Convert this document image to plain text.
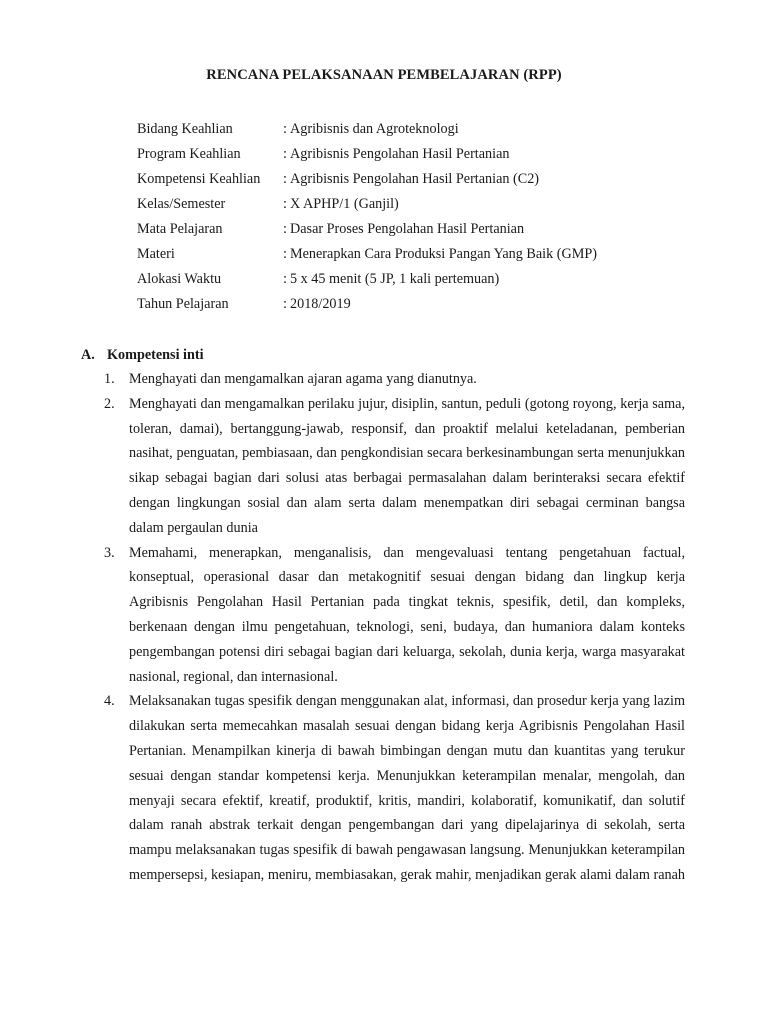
RENCANA PELAKSANAAN PEMBELAJARAN (RPP)
Bidang Keahlian	: Agribisnis dan Agroteknologi
Program Keahlian	: Agribisnis Pengolahan Hasil Pertanian
Kompetensi Keahlian : Agribisnis Pengolahan Hasil Pertanian (C2)
Kelas/Semester	: X APHP/1 (Ganjil)
Mata Pelajaran	: Dasar Proses Pengolahan Hasil Pertanian
Materi	: Menerapkan Cara Produksi Pangan Yang Baik (GMP)
Alokasi Waktu	: 5 x 45 menit (5 JP, 1 kali pertemuan)
Tahun Pelajaran	: 2018/2019
A. Kompetensi inti
1. Menghayati dan mengamalkan ajaran agama yang dianutnya.
2. Menghayati dan mengamalkan perilaku jujur, disiplin, santun, peduli (gotong royong, kerja sama, toleran, damai), bertanggung-jawab, responsif, dan proaktif melalui keteladanan, pemberian nasihat, penguatan, pembiasaan, dan pengkondisian secara berkesinambungan serta menunjukkan sikap sebagai bagian dari solusi atas berbagai permasalahan dalam berinteraksi secara efektif dengan lingkungan sosial dan alam serta dalam menempatkan diri sebagai cerminan bangsa dalam pergaulan dunia
3. Memahami, menerapkan, menganalisis, dan mengevaluasi tentang pengetahuan factual, konseptual, operasional dasar dan metakognitif sesuai dengan bidang dan lingkup kerja Agribisnis Pengolahan Hasil Pertanian pada tingkat teknis, spesifik, detil, dan kompleks, berkenaan dengan ilmu pengetahuan, teknologi, seni, budaya, dan humaniora dalam konteks pengembangan potensi diri sebagai bagian dari keluarga, sekolah, dunia kerja, warga masyarakat nasional, regional, dan internasional.
4. Melaksanakan tugas spesifik dengan menggunakan alat, informasi, dan prosedur kerja yang lazim dilakukan serta memecahkan masalah sesuai dengan bidang kerja Agribisnis Pengolahan Hasil Pertanian. Menampilkan kinerja di bawah bimbingan dengan mutu dan kuantitas yang terukur sesuai dengan standar kompetensi kerja. Menunjukkan keterampilan menalar, mengolah, dan menyaji secara efektif, kreatif, produktif, kritis, mandiri, kolaboratif, komunikatif, dan solutif dalam ranah abstrak terkait dengan pengembangan dari yang dipelajarinya di sekolah, serta mampu melaksanakan tugas spesifik di bawah pengawasan langsung. Menunjukkan keterampilan mempersepsi, kesiapan, meniru, membiasakan, gerak mahir, menjadikan gerak alami dalam ranah
